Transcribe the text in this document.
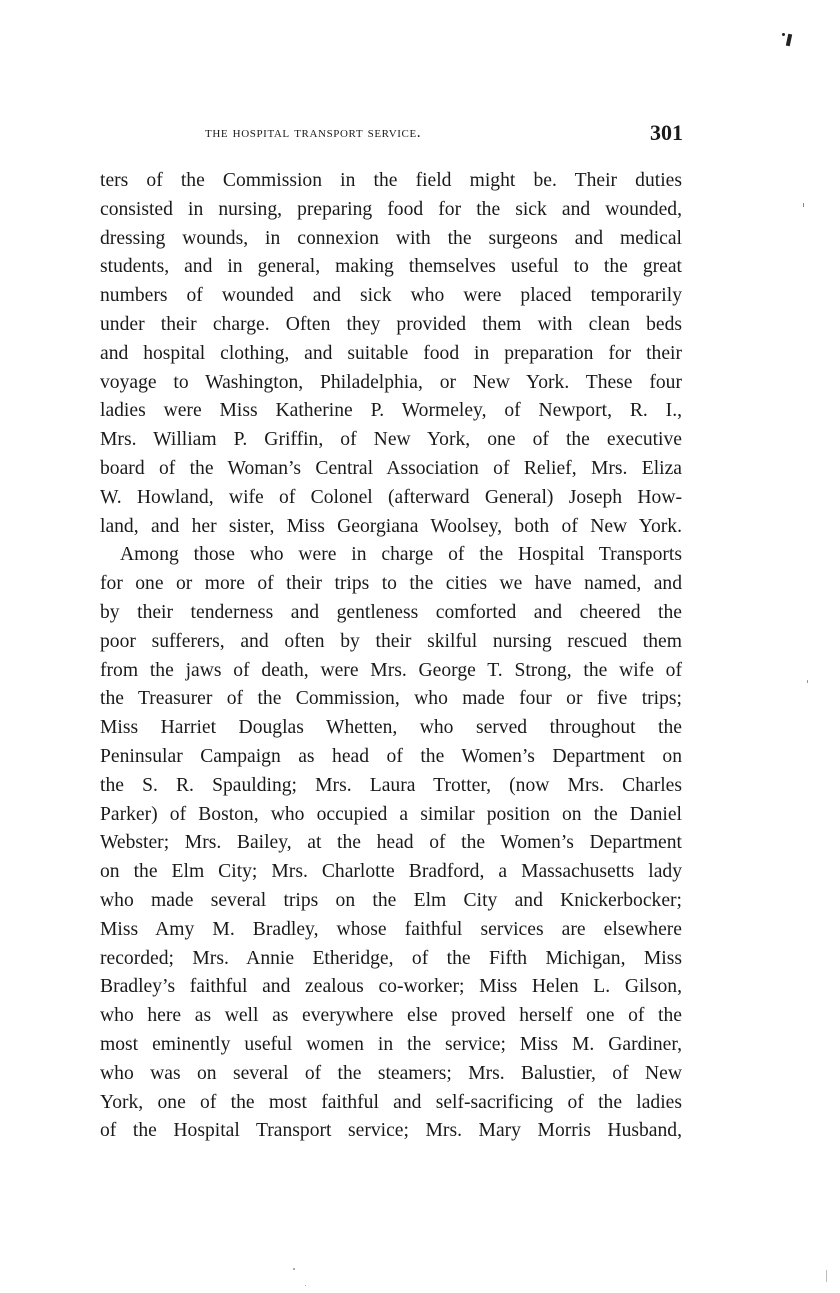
the hospital transport service.	301
ters of the Commission in the field might be. Their duties
consisted in nursing, preparing food for the sick and wounded,
dressing wounds, in connexion with the surgeons and medical
students, and in general, making themselves useful to the great
numbers of wounded and sick who were placed temporarily
under their charge. Often they provided them with clean beds
and hospital clothing, and suitable food in preparation for their
voyage to Washington, Philadelphia, or New York. These four
ladies were Miss Katherine P. Wormeley, of Newport, R. I.,
Mrs. William P. Griffin, of New York, one of the executive
board of the Woman’s Central Association of Relief, Mrs. Eliza
W. Howland, wife of Colonel (afterward General) Joseph How-
land, and her sister, Miss Georgiana Woolsey, both of New York.
Among those who were in charge of the Hospital Transports
for one or more of their trips to the cities we have named, and
by their tenderness and gentleness comforted and cheered the
poor sufferers, and often by their skilful nursing rescued them
from the jaws of death, were Mrs. George T. Strong, the wife of
the Treasurer of the Commission, who made four or five trips;
Miss Harriet Douglas Whetten, who served throughout the
Peninsular Campaign as head of the Women’s Department on
the S. R. Spaulding; Mrs. Laura Trotter, (now Mrs. Charles
Parker) of Boston, who occupied a similar position on the Daniel
Webster; Mrs. Bailey, at the head of the Women’s Department
on the Elm City; Mrs. Charlotte Bradford, a Massachusetts lady
who made several trips on the Elm City and Knickerbocker;
Miss Amy M. Bradley, whose faithful services are elsewhere
recorded; Mrs. Annie Etheridge, of the Fifth Michigan, Miss
Bradley’s faithful and zealous co-worker; Miss Helen L. Gilson,
who here as well as everywhere else proved herself one of the
most eminently useful women in the service; Miss M. Gardiner,
who was on several of the steamers; Mrs. Balustier, of New
York, one of the most faithful and self-sacrificing of the ladies
of the Hospital Transport service; Mrs. Mary Morris Husband,
